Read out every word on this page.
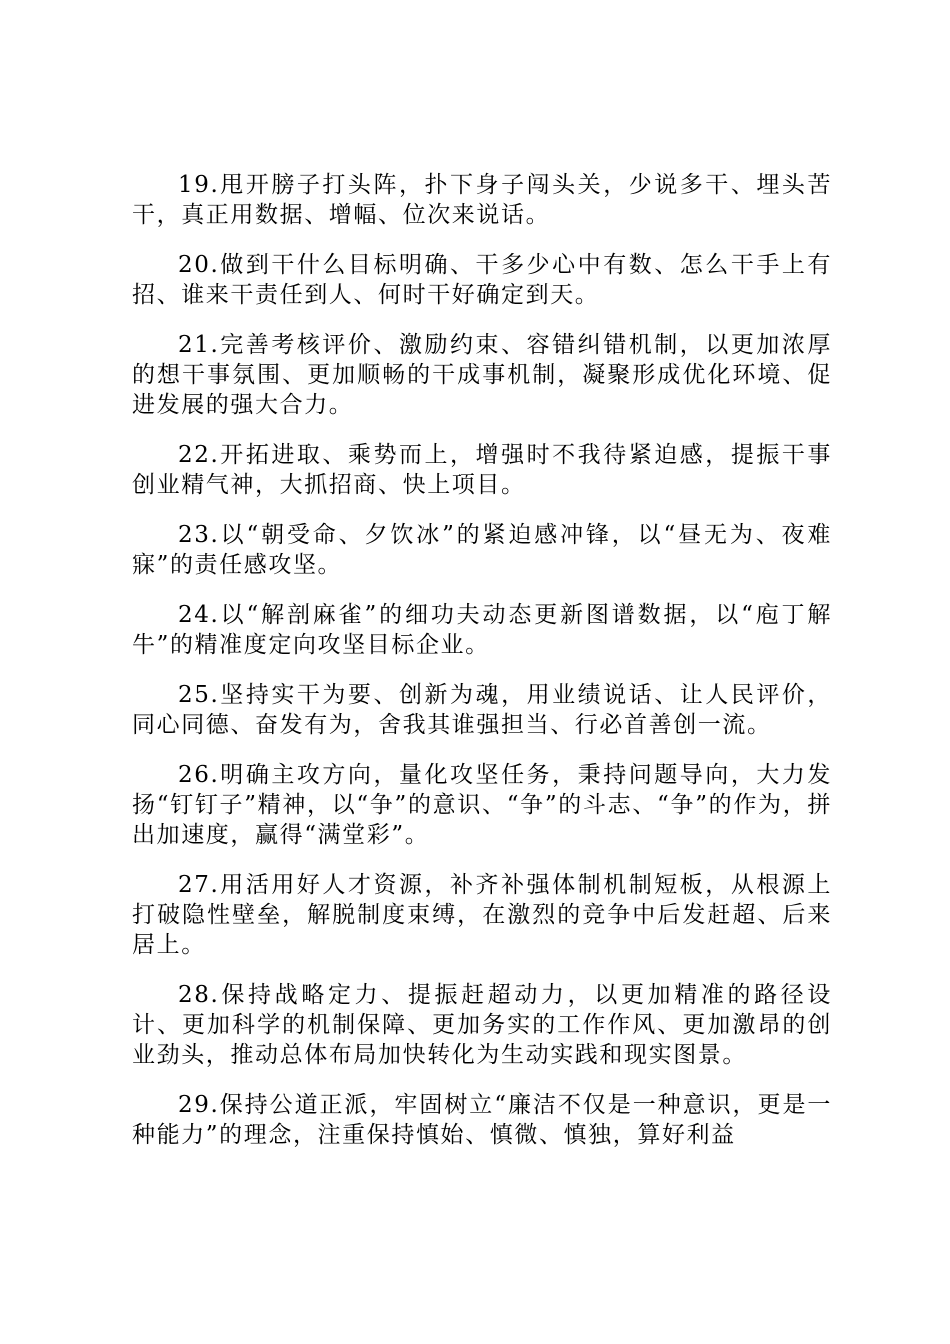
19.甩开膀子打头阵，扑下身子闯头关，少说多干、埋头苦干，真正用数据、增幅、位次来说话。

20.做到干什么目标明确、干多少心中有数、怎么干手上有招、谁来干责任到人、何时干好确定到天。

21.完善考核评价、激励约束、容错纠错机制，以更加浓厚的想干事氛围、更加顺畅的干成事机制，凝聚形成优化环境、促进发展的强大合力。

22.开拓进取、乘势而上，增强时不我待紧迫感，提振干事创业精气神，大抓招商、快上项目。

23.以“朝受命、夕饮冰”的紧迫感冲锋，以“昼无为、夜难寐”的责任感攻坚。

24.以“解剖麻雀”的细功夫动态更新图谱数据，以“庖丁解牛”的精准度定向攻坚目标企业。

25.坚持实干为要、创新为魂，用业绩说话、让人民评价，同心同德、奋发有为，舍我其谁强担当、行必首善创一流。

26.明确主攻方向，量化攻坚任务，秉持问题导向，大力发扬“钉钉子”精神，以“争”的意识、“争”的斗志、“争”的作为，拼出加速度，赢得“满堂彩”。

27.用活用好人才资源，补齐补强体制机制短板，从根源上打破隐性壁垒，解脱制度束缚，在激烈的竞争中后发赶超、后来居上。

28.保持战略定力、提振赶超动力，以更加精准的路径设计、更加科学的机制保障、更加务实的工作作风、更加激昂的创业劲头，推动总体布局加快转化为生动实践和现实图景。

29.保持公道正派，牢固树立“廉洁不仅是一种意识，更是一种能力”的理念，注重保持慎始、慎微、慎独，算好利益
